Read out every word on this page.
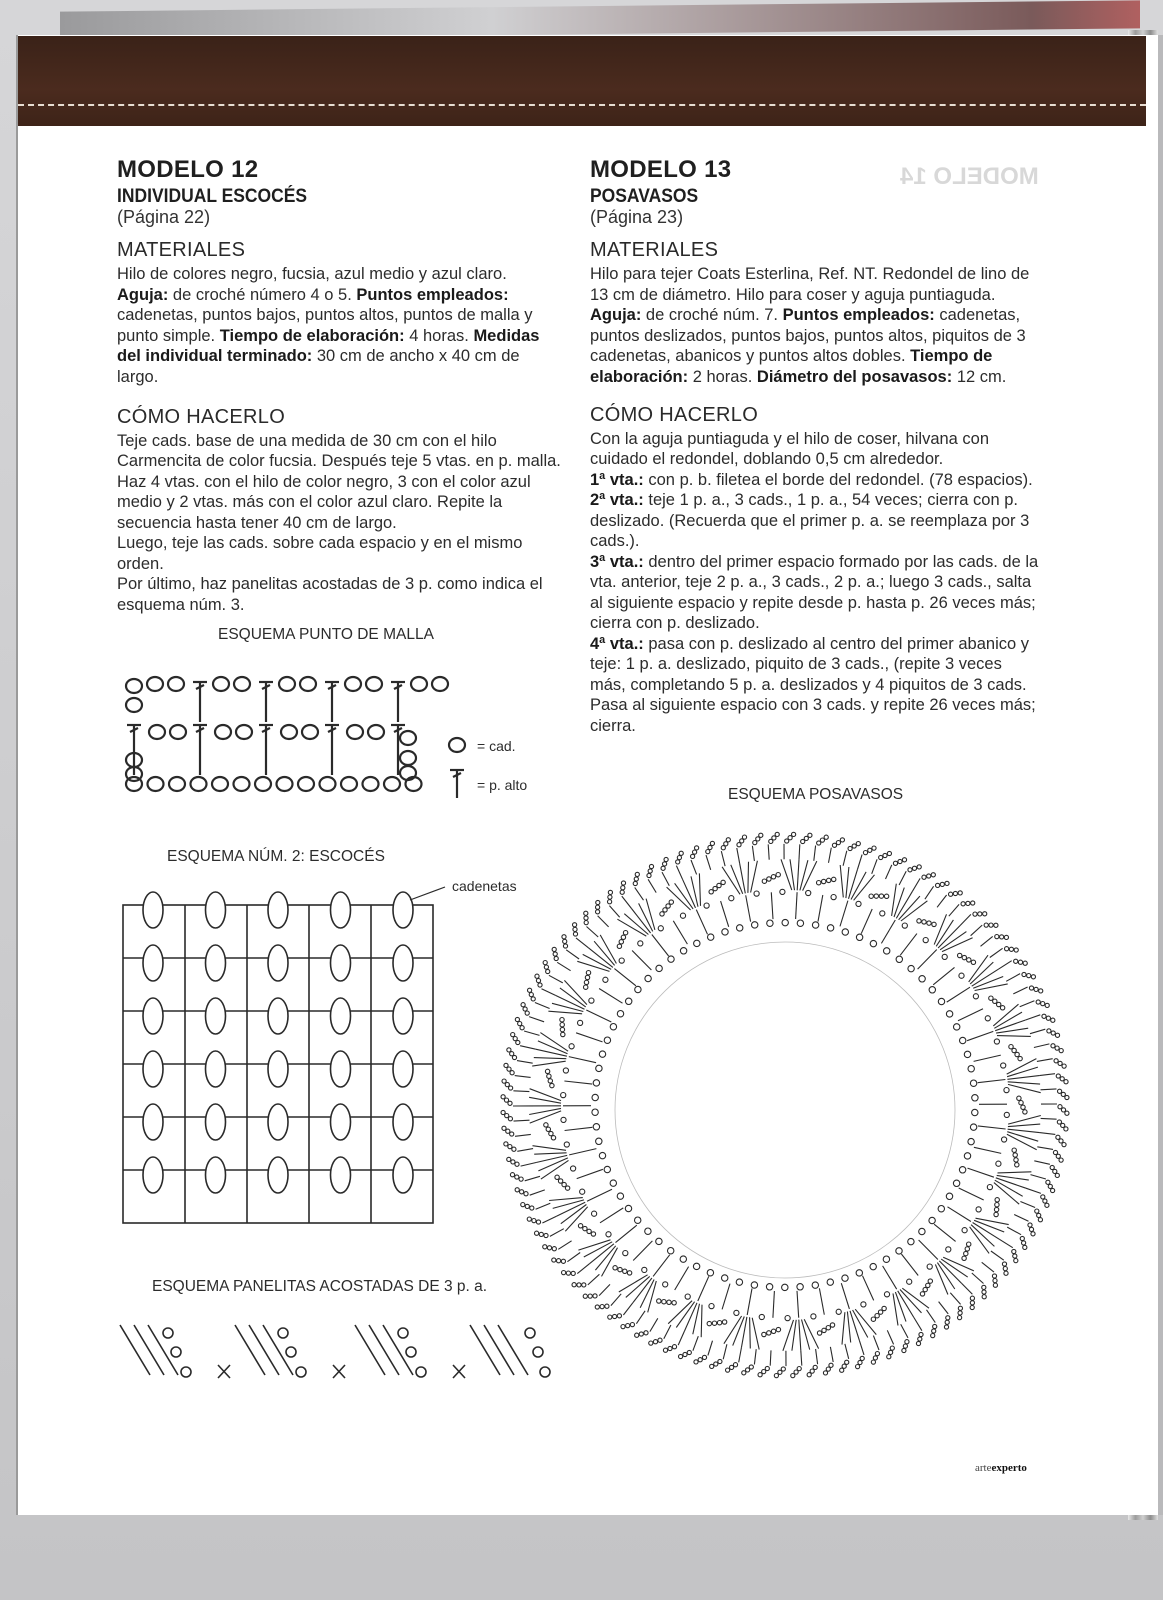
MODELO 14
MODELO 12
INDIVIDUAL ESCOCÉS
(Página 22)
MATERIALES

Hilo de colores negro, fucsia, azul medio y azul claro. Aguja: de croché número 4 o 5. Puntos empleados: cadenetas, puntos bajos, puntos altos, puntos de malla y punto simple. Tiempo de elaboración: 4 horas. Medidas del individual terminado: 30 cm de ancho x 40 cm de largo.

CÓMO HACERLO

Teje cads. base de una medida de 30 cm con el hilo Carmencita de color fucsia. Después teje 5 vtas. en p. malla. Haz 4 vtas. con el hilo de color negro, 3 con el color azul medio y 2 vtas. más con el color azul claro. Repite la secuencia hasta tener 40 cm de largo.

Luego, teje las cads. sobre cada espacio y en el mismo orden.

Por último, haz panelitas acostadas de 3 p. como indica el esquema núm. 3.

ESQUEMA PUNTO DE MALLA
= cad.
= p. alto
ESQUEMA NÚM. 2: ESCOCÉS
cadenetas
ESQUEMA PANELITAS ACOSTADAS DE 3 p. a.
MODELO 13
POSAVASOS
(Página 23)
MATERIALES

Hilo para tejer Coats Esterlina, Ref. NT. Redondel de lino de 13 cm de diámetro. Hilo para coser y aguja puntiaguda. Aguja: de croché núm. 7. Puntos empleados: cadenetas, puntos deslizados, puntos bajos, puntos altos, piquitos de 3 cadenetas, abanicos y puntos altos dobles. Tiempo de elaboración: 2 horas. Diámetro del posavasos: 12 cm.

CÓMO HACERLO

Con la aguja puntiaguda y el hilo de coser, hilvana con cuidado el redondel, doblando 0,5 cm alrededor.

1ª vta.: con p. b. filetea el borde del redondel. (78 espacios).

2ª vta.: teje 1 p. a., 3 cads., 1 p. a., 54 veces; cierra con p. deslizado. (Recuerda que el primer p. a. se reemplaza por 3 cads.).

3ª vta.: dentro del primer espacio formado por las cads. de la vta. anterior, teje 2 p. a., 3 cads., 2 p. a.; luego 3 cads., salta al siguiente espacio y repite desde p. hasta p. 26 veces más; cierra con p. deslizado.

4ª vta.: pasa con p. deslizado al centro del primer abanico y teje: 1 p. a. deslizado, piquito de 3 cads., (repite 3 veces más, completando 5 p. a. deslizados y 4 piquitos de 3 cads. Pasa al siguiente espacio con 3 cads. y repite 26 veces más; cierra.

ESQUEMA POSAVASOS
arteexperto
